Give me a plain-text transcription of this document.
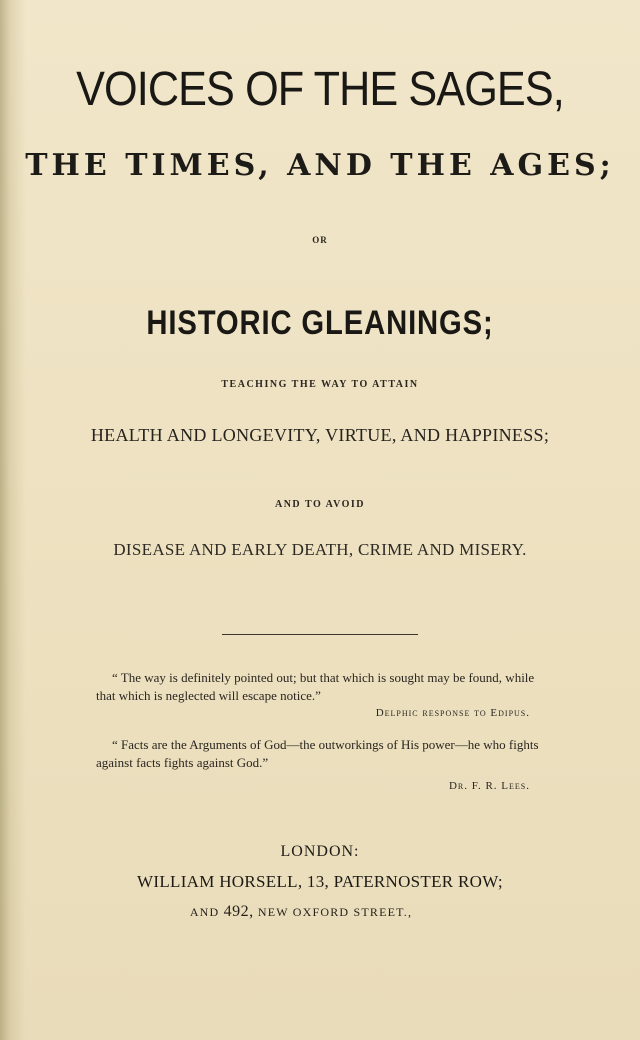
VOICES OF THE SAGES,
THE TIMES, AND THE AGES;
OR
HISTORIC GLEANINGS;
TEACHING THE WAY TO ATTAIN
HEALTH AND LONGEVITY, VIRTUE, AND HAPPINESS;
AND TO AVOID
DISEASE AND EARLY DEATH, CRIME AND MISERY.
“ The way is definitely pointed out; but that which is sought may be found, while
that which is neglected will escape notice.”
Delphic response to Edipus.
“ Facts are the Arguments of God—the outworkings of His power—he who fights
against facts fights against God.”
Dr. F. R. Lees.
LONDON:
WILLIAM HORSELL, 13, PATERNOSTER ROW;
AND 492, NEW OXFORD STREET.,
